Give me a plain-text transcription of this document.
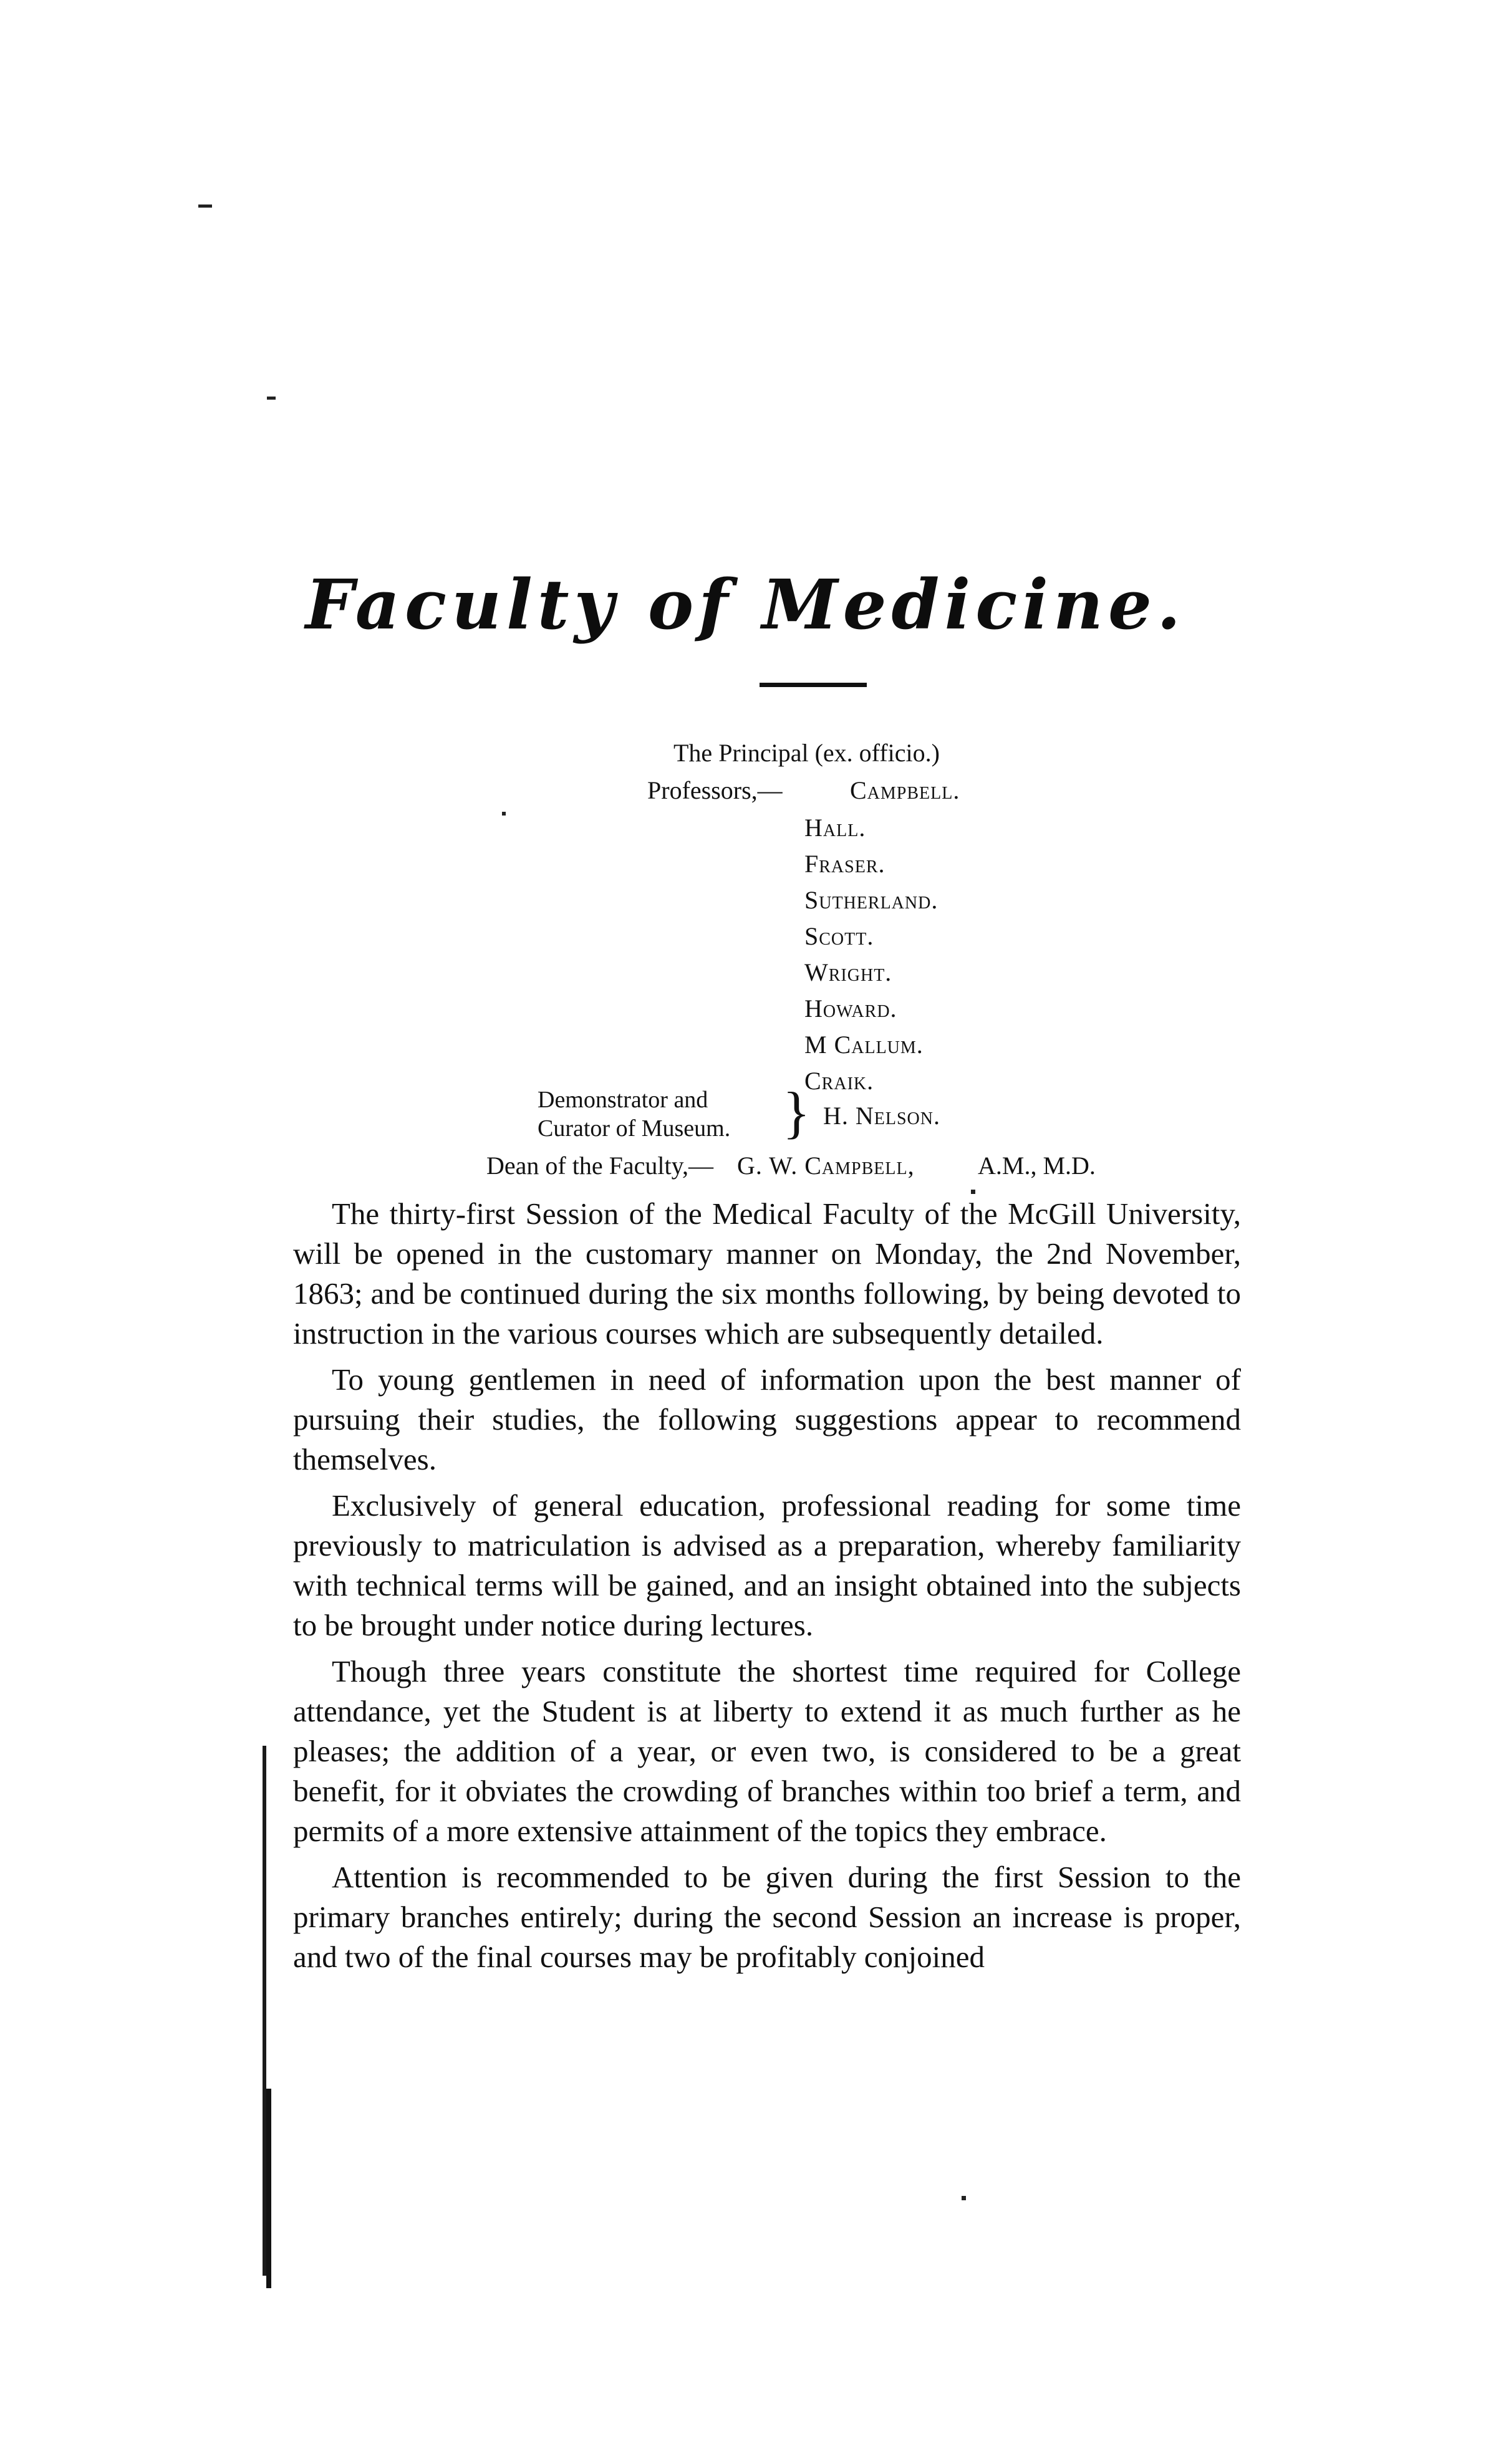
Faculty of Medicine.
The Principal (ex. officio.)
Professors,—	Campbell.
Hall.
Fraser.
Sutherland.
Scott.
Wright.
Howard.
M Callum.
Craik.
Demonstrator and
Curator of Museum. } H. Nelson.
Dean of the Faculty,— G. W. Campbell,	A.M., M.D.

The thirty-first Session of the Medical Faculty of the McGill University, will be opened in the customary manner on Monday, the 2nd November, 1863; and be continued during the six months following, by being devoted to instruction in the various courses which are subsequently detailed.

To young gentlemen in need of information upon the best manner of pursuing their studies, the following suggestions appear to recommend themselves.

Exclusively of general education, professional reading for some time previously to matriculation is advised as a preparation, whereby familiarity with technical terms will be gained, and an insight obtained into the subjects to be brought under notice during lectures.

Though three years constitute the shortest time required for College attendance, yet the Student is at liberty to extend it as much further as he pleases; the addition of a year, or even two, is considered to be a great benefit, for it obviates the crowding of branches within too brief a term, and permits of a more extensive attainment of the topics they embrace.

Attention is recommended to be given during the first Session to the primary branches entirely; during the second Session an increase is proper, and two of the final courses may be profitably conjoined
